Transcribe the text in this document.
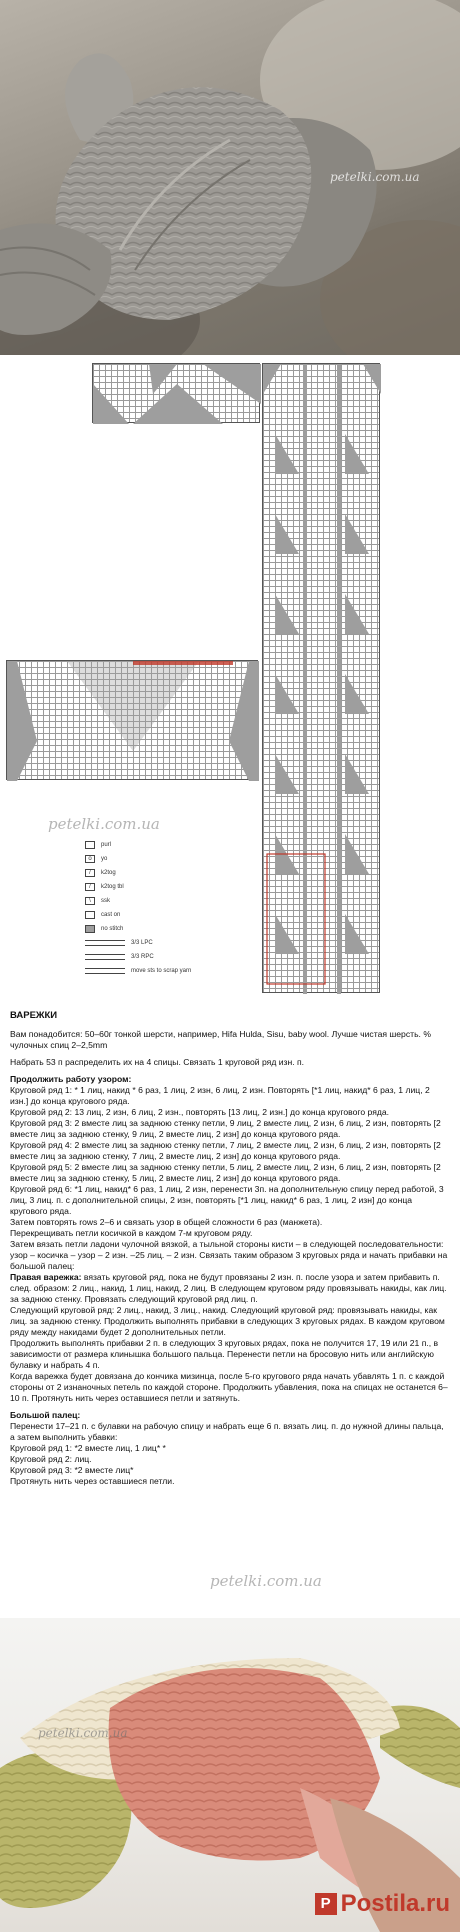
petelki.com.ua
petelki.com.ua
purl
o	yo
/	k2tog
/	k2tog tbl
\	ssk
cast on
no stitch
3/3 LPC
3/3 RPC
move sts to scrap yarn
ВАРЕЖКИ

Вам понадобится: 50–60г тонкой шерсти, например, Hifa Hulda, Sisu, baby wool. Лучше чистая шерсть. % чулочных спиц 2–2,5mm

Набрать 53 п распределить их на 4 спицы. Связать 1 круговой ряд изн. п.

Продолжить работу узором:
Круговой ряд 1: * 1 лиц, накид * 6 раз, 1 лиц, 2 изн, 6 лиц, 2 изн. Повторять [*1 лиц, накид* 6 раз, 1 лиц, 2 изн.] до конца кругового ряда.
Круговой ряд 2: 13 лиц, 2 изн, 6 лиц, 2 изн., повторять [13 лиц, 2 изн.] до конца кругового ряда.
Круговой ряд 3: 2 вместе лиц за заднюю стенку петли, 9 лиц, 2 вместе лиц, 2 изн, 6 лиц, 2 изн, повторять [2 вместе лиц за заднюю стенку, 9 лиц, 2 вместе лиц, 2 изн] до конца кругового ряда.
Круговой ряд 4: 2 вместе лиц за заднюю стенку петли, 7 лиц, 2 вместе лиц, 2 изн, 6 лиц, 2 изн, повторять [2 вместе лиц за заднюю стенку, 7 лиц, 2 вместе лиц, 2 изн] до конца кругового ряда.
Круговой ряд 5: 2 вместе лиц за заднюю стенку петли, 5 лиц, 2 вместе лиц, 2 изн, 6 лиц, 2 изн, повторять [2 вместе лиц за заднюю стенку, 5 лиц, 2 вместе лиц, 2 изн] до конца кругового ряда.
Круговой ряд 6: *1 лиц, накид* 6 раз, 1 лиц, 2 изн, перенести 3п. на дополнительную спицу перед работой, 3 лиц, 3 лиц. п. с дополнительной спицы, 2 изн, повторять [*1 лиц, накид* 6 раз, 1 лиц, 2 изн] до конца кругового ряда.
Затем повторять rows 2–6 и связать узор в общей сложности 6 раз (манжета).
Перекрещивать петли косичкой в каждом 7-м круговом ряду.
Затем вязать петли ладони чулочной вязкой, а тыльной стороны кисти – в следующей последовательности: узор – косичка – узор – 2 изн. –25 лиц. – 2 изн. Связать таким образом 3 круговых ряда и начать прибавки на большой палец:
Правая варежка: вязать круговой ряд, пока не будут провязаны 2 изн. п. после узора и затем прибавить п. след. образом: 2 лиц., накид, 1 лиц, накид, 2 лиц. В следующем круговом ряду провязывать накиды, как лиц. за заднюю стенку. Провязать следующий круговой ряд лиц. п.
Следующий круговой ряд: 2 лиц., накид, 3 лиц., накид. Следующий круговой ряд: провязывать накиды, как лиц. за заднюю стенку. Продолжить выполнять прибавки в следующих 3 круговых рядах. В каждом круговом ряду между накидами будет 2 дополнительных петли.
Продолжить выполнять прибавки 2 п. в следующих 3 круговых рядах, пока не получится 17, 19 или 21 п., в зависимости от размера клинышка большого пальца. Перенести петли на бросовую нить или английскую булавку и набрать 4 п.

Когда варежка будет довязана до кончика мизинца, после 5-го кругового ряда начать убавлять 1 п. с каждой стороны от 2 изнаночных петель по каждой стороне. Продолжить убавления, пока на спицах не останется 6–10 п. Протянуть нить через оставшиеся петли и затянуть.

Большой палец:
Перенести 17–21 п. с булавки на рабочую спицу и набрать еще 6 п. вязать лиц. п. до нужной длины пальца, а затем выполнить убавки:
Круговой ряд 1: *2 вместе лиц, 1 лиц* *
Круговой ряд 2: лиц.
Круговой ряд 3: *2 вместе лиц*
Протянуть нить через оставшиеся петли.
petelki.com.ua
petelki.com.ua
P Postila.ru
